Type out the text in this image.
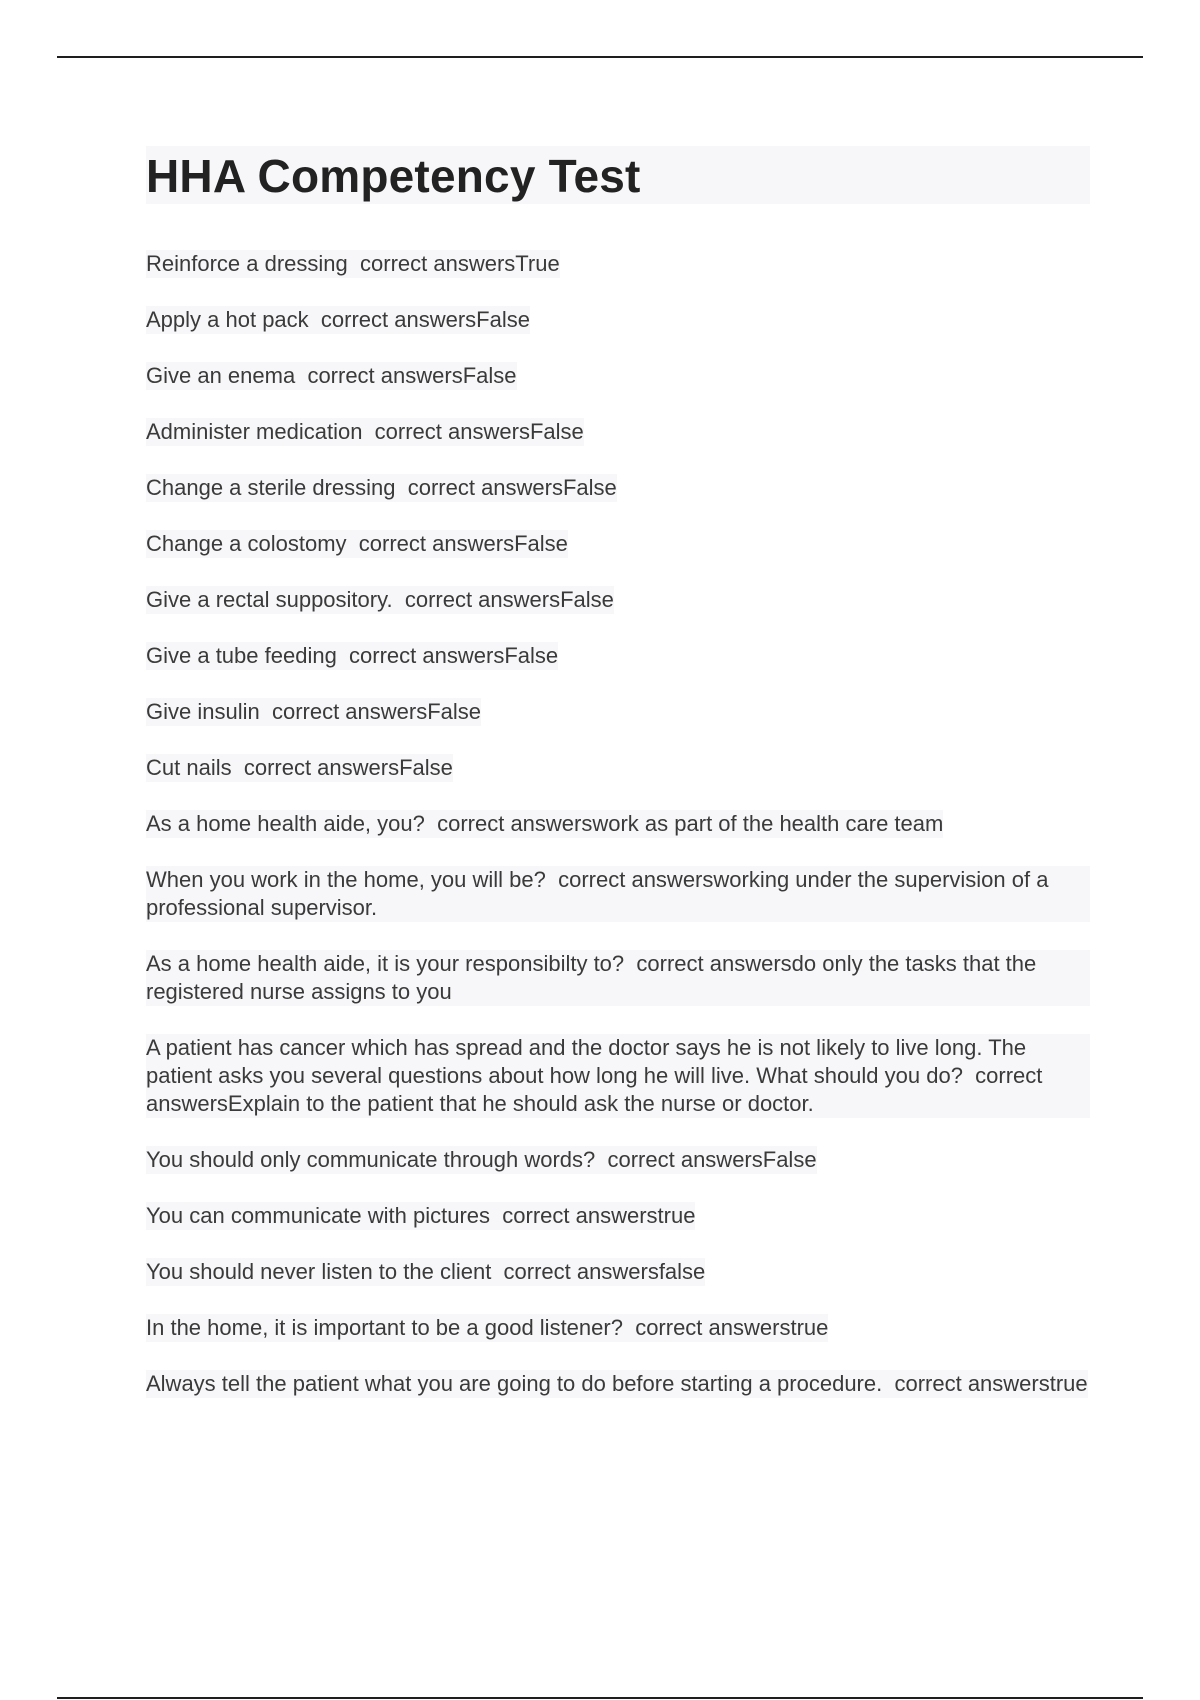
HHA Competency Test
Reinforce a dressing correct answersTrue
Apply a hot pack correct answersFalse
Give an enema correct answersFalse
Administer medication correct answersFalse
Change a sterile dressing correct answersFalse
Change a colostomy correct answersFalse
Give a rectal suppository. correct answersFalse
Give a tube feeding correct answersFalse
Give insulin correct answersFalse
Cut nails correct answersFalse
As a home health aide, you? correct answerswork as part of the health care team
When you work in the home, you will be? correct answersworking under the supervision of a professional supervisor.
As a home health aide, it is your responsibilty to? correct answersdo only the tasks that the registered nurse assigns to you
A patient has cancer which has spread and the doctor says he is not likely to live long. The patient asks you several questions about how long he will live. What should you do? correct answersExplain to the patient that he should ask the nurse or doctor.
You should only communicate through words? correct answersFalse
You can communicate with pictures correct answerstrue
You should never listen to the client correct answersfalse
In the home, it is important to be a good listener? correct answerstrue
Always tell the patient what you are going to do before starting a procedure. correct answerstrue
